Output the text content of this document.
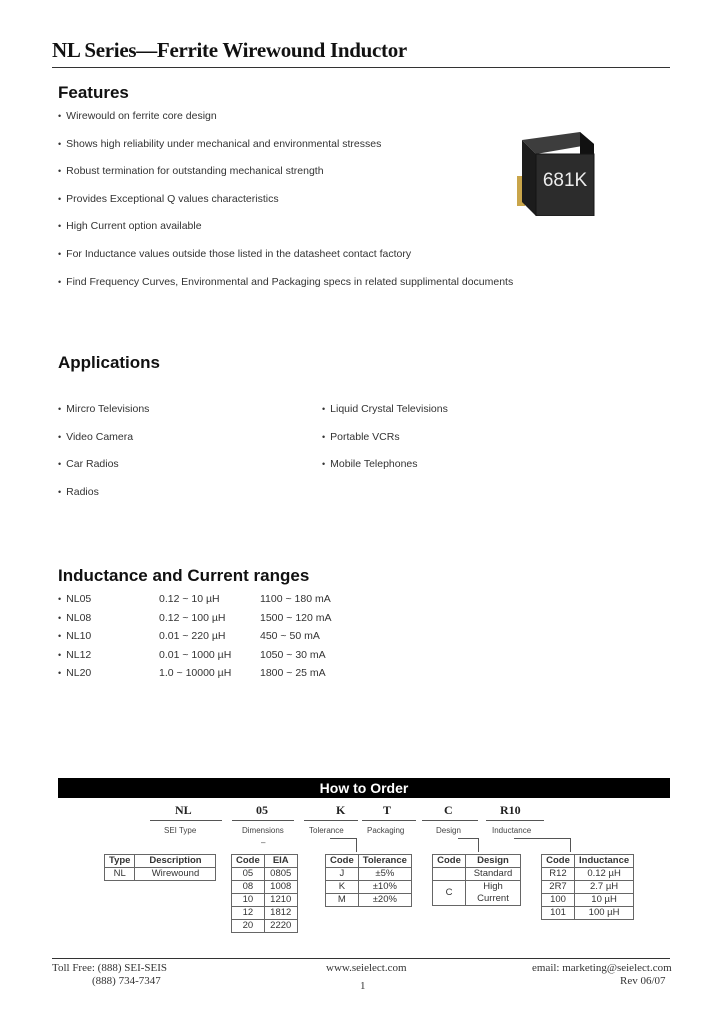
NL Series—Ferrite Wirewound Inductor
Features
• Wirewould on ferrite core design
• Shows high reliability under mechanical and environmental stresses
• Robust termination for outstanding mechanical strength
• Provides Exceptional Q values characteristics
• High Current option available
• For Inductance values outside those listed in the datasheet contact factory
• Find Frequency Curves, Environmental and Packaging specs in related supplimental documents
681K
Applications
• Mircro Televisions
• Video Camera
• Car Radios
• Radios
• Liquid Crystal Televisions
• Portable VCRs
• Mobile Telephones
Inductance and Current ranges
• NL05	0.12 ~ 10 µH	1100 ~ 180 mA
• NL08	0.12 ~ 100 µH	1500 ~ 120 mA
• NL10	0.01 ~ 220 µH	450 ~ 50 mA
• NL12	0.01 ~ 1000 µH	1050 ~ 30 mA
• NL20	1.0 ~ 10000 µH	1800 ~ 25 mA
How to Order
NL	05	K	T	C	R10
SEI Type	Dimensions	Tolerance	Packaging	Design	Inductance
–
Type	Description
NL	Wirewound
Code	EIA
05	0805
08	1008
10	1210
12	1812
20	2220
Code	Tolerance
J	±5%
K	±10%
M	±20%
Code	Design
	Standard
C	High Current
Code	Inductance
R12	0.12 µH
2R7	2.7 µH
100	10 µH
101	100 µH
Toll Free: (888) SEI-SEIS
(888) 734-7347
www.seielect.com
1
email: marketing@seielect.com
Rev 06/07
